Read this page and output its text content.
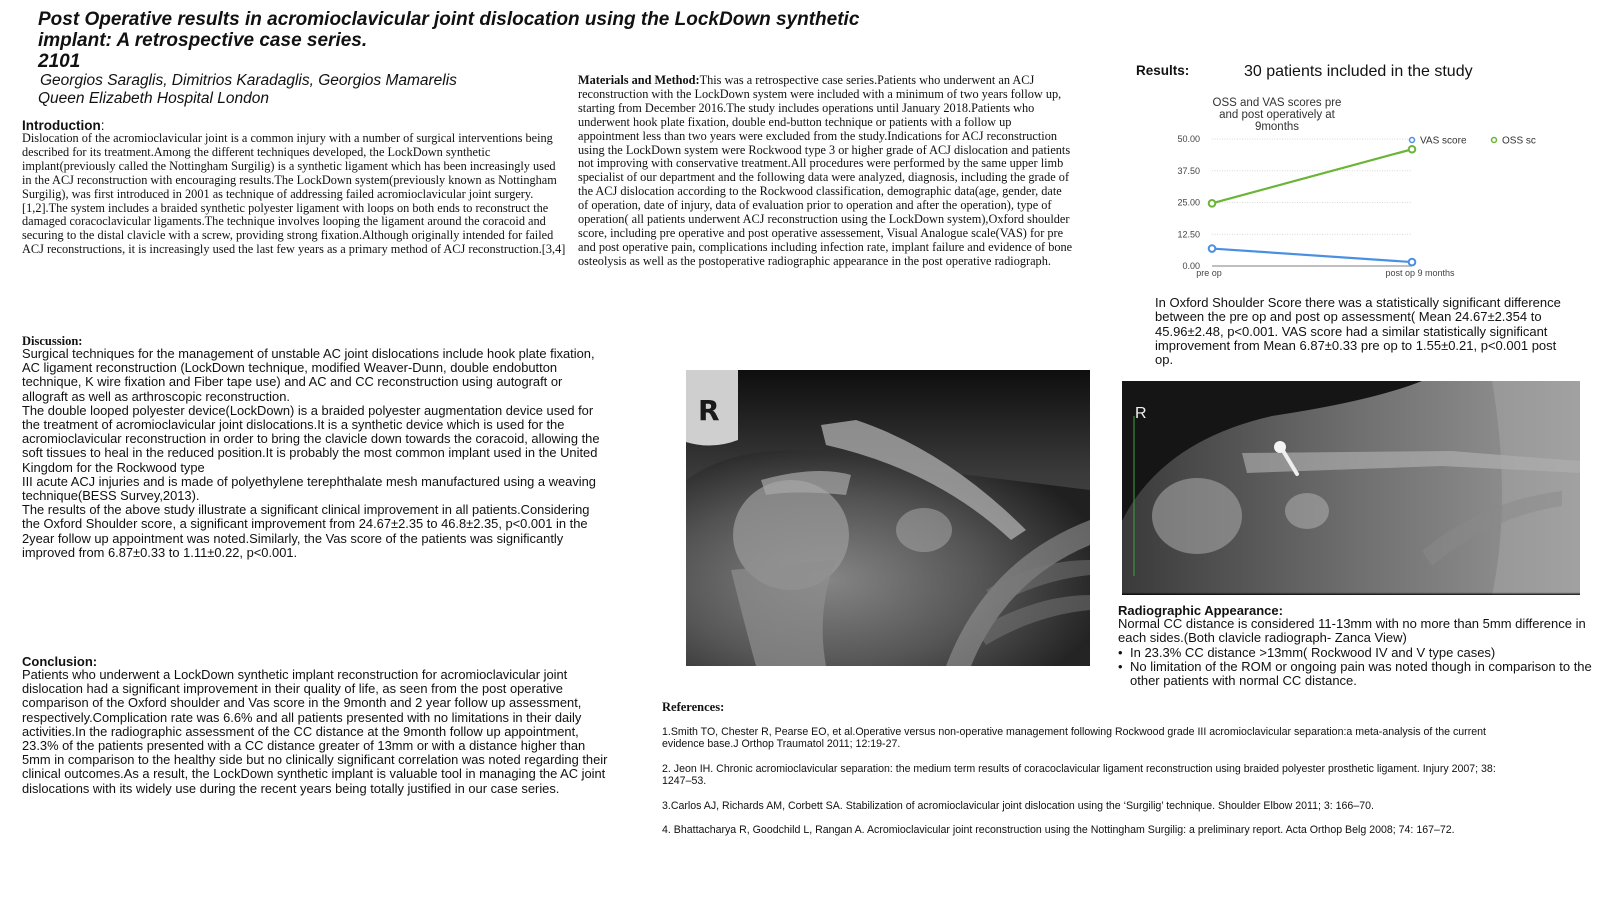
Post Operative results in acromioclavicular joint dislocation using the LockDown synthetic
implant: A retrospective case series.
2101
Georgios Saraglis, Dimitrios Karadaglis, Georgios Mamarelis
Queen Elizabeth Hospital London
Introduction:
Dislocation of the acromioclavicular joint is a common injury with a number of surgical interventions being described for its treatment.Among the different techniques developed, the LockDown synthetic implant(previously called the Nottingham Surgilig) is a synthetic ligament which has been increasingly used in the ACJ reconstruction with encouraging results.The LockDown system(previously known as Nottingham Surgilig), was first introduced in 2001 as technique of addressing failed acromioclavicular joint surgery.[1,2].The system includes a braided synthetic polyester ligament with loops on both ends to reconstruct the damaged coracoclavicular ligaments.The technique involves looping the ligament around the coracoid and securing to the distal clavicle with a screw, providing strong fixation.Although originally intended for failed ACJ reconstructions, it is increasingly used the last few years as a primary method of ACJ reconstruction.[3,4]
Materials and Method:This was a retrospective case series.Patients who underwent an ACJ reconstruction with the LockDown system were included with a minimum of two years follow up, starting from December 2016.The study includes operations until January 2018.Patients who underwent hook plate fixation, double end-button technique or patients with a follow up appointment less than two years were excluded from the study.Indications for ACJ reconstruction using the LockDown system were Rockwood type 3 or higher grade of ACJ dislocation and patients not improving with conservative treatment.All procedures were performed by the same upper limb specialist of our department and the following data were analyzed, diagnosis, including the grade of the ACJ dislocation according to the Rockwood classification, demographic data(age, gender, date of operation, date of injury, data of evaluation prior to operation and after the operation), type of operation( all patients underwent ACJ reconstruction using the LockDown system),Oxford shoulder score, including pre operative and post operative assessement, Visual Analogue scale(VAS) for pre and post operative pain, complications including infection rate, implant failure and evidence of bone osteolysis as well as the postoperative radiographic appearance in the post operative radiograph.
Results:	30 patients included in the study
OSS and VAS scores pre
and post operatively at
9months
50.00
37.50
25.00
12.50
0.00
pre op	post op 9 months
VAS score	OSS sc
In Oxford Shoulder Score there was a statistically significant difference between the pre op and post op assessment( Mean 24.67±2.354 to 45.96±2.48, p<0.001. VAS score had a similar statistically significant improvement from Mean 6.87±0.33 pre op to 1.55±0.21, p<0.001 post op.
Discussion:

Surgical techniques for the management of unstable AC joint dislocations include hook plate fixation, AC ligament reconstruction (LockDown technique, modified Weaver-Dunn, double endobutton technique, K wire fixation and Fiber tape use) and AC and CC reconstruction using autograft or allograft as well as arthroscopic reconstruction.

The double looped polyester device(LockDown) is a braided polyester augmentation device used for the treatment of acromioclavicular joint dislocations.It is a synthetic device which is used for the acromioclavicular reconstruction in order to bring the clavicle down towards the coracoid, allowing the soft tissues to heal in the reduced position.It is probably the most common implant used in the United Kingdom for the Rockwood type

III acute ACJ injuries and is made of polyethylene terephthalate mesh manufactured using a weaving technique(BESS Survey,2013).

The results of the above study illustrate a significant clinical improvement in all patients.Considering the Oxford Shoulder score, a significant improvement from 24.67±2.35 to 46.8±2.35, p<0.001 in the 2year follow up appointment was noted.Similarly, the Vas score of the patients was significantly improved from 6.87±0.33 to 1.11±0.22, p<0.001.

Conclusion:
Patients who underwent a LockDown synthetic implant reconstruction for acromioclavicular joint dislocation had a significant improvement in their quality of life, as seen from the post operative comparison of the Oxford shoulder and Vas score in the 9month and 2 year follow up assessment, respectively.Complication rate was 6.6% and all patients presented with no limitations in their daily activities.In the radiographic assessment of the CC distance at the 9month follow up appointment, 23.3% of the patients presented with a CC distance greater of 13mm or with a distance higher than 5mm in comparison to the healthy side but no clinically significant correlation was noted regarding their clinical outcomes.As a result, the LockDown synthetic implant is valuable tool in managing the AC joint dislocations with its widely use during the recent years being totally justified in our case series.
R	R
Radiographic Appearance:
Normal CC distance is considered 11-13mm with no more than 5mm difference in each sides.(Both clavicle radiograph- Zanca View)
• In 23.3% CC distance >13mm( Rockwood IV and V type cases)
• No limitation of the ROM or ongoing pain was noted though in comparison to the other patients with normal CC distance.
References:

1.Smith TO, Chester R, Pearse EO, et al.Operative versus non-operative management following Rockwood grade III acromioclavicular separation:a meta-analysis of the current evidence base.J Orthop Traumatol 2011; 12:19-27.

2. Jeon IH. Chronic acromioclavicular separation: the medium term results of coracoclavicular ligament reconstruction using braided polyester prosthetic ligament. Injury 2007; 38: 1247–53.

3.Carlos AJ, Richards AM, Corbett SA. Stabilization of acromioclavicular joint dislocation using the ‘Surgilig’ technique. Shoulder Elbow 2011; 3: 166–70.

4. Bhattacharya R, Goodchild L, Rangan A. Acromioclavicular joint reconstruction using the Nottingham Surgilig: a preliminary report. Acta Orthop Belg 2008; 74: 167–72.
